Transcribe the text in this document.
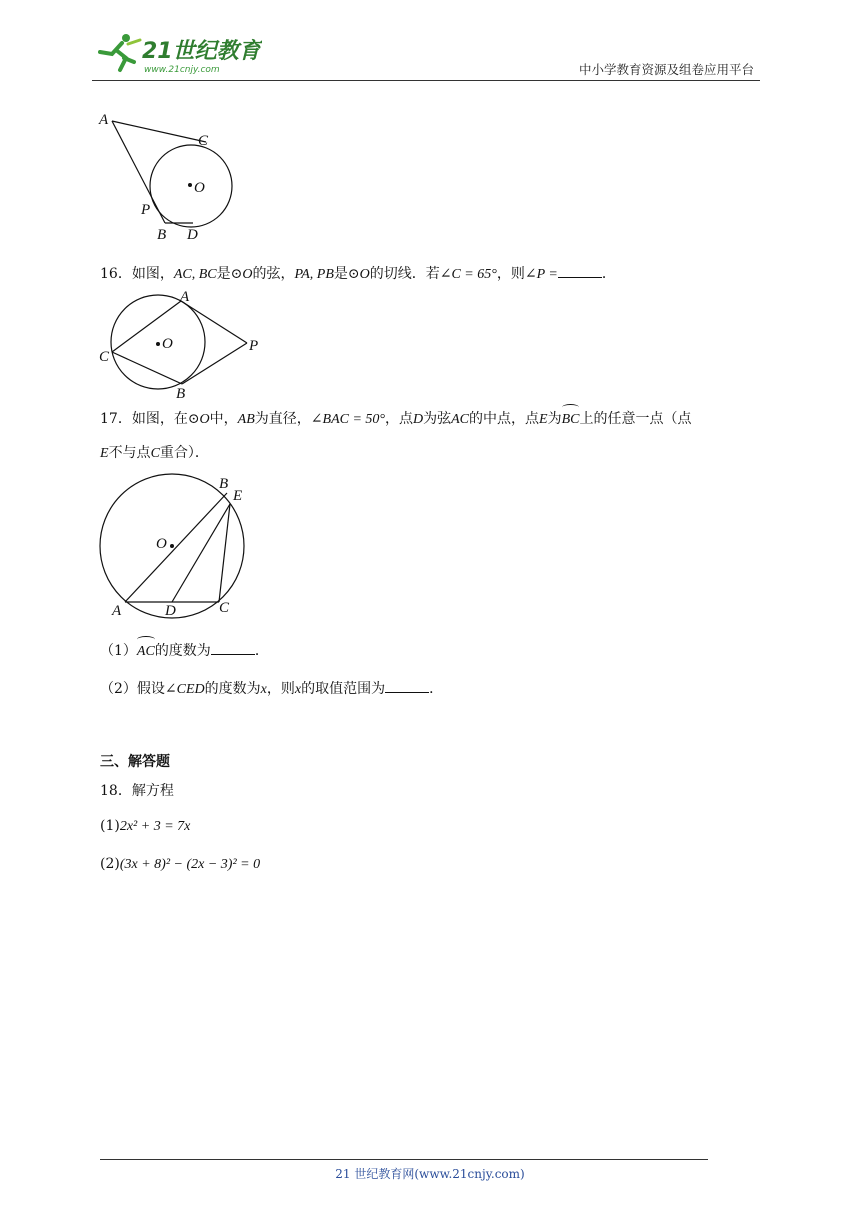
21世纪教育
www.21cnjy.com	中小学教育资源及组卷应用平台
A
C
O
P
B D
16．如图，AC, BC是⊙O的弦，PA, PB是⊙O的切线．若∠C = 65°，则∠P =	．
A
O
C
P
B
17．如图，在⊙O中，AB为直径，∠BAC = 50°，点D为弦AC的中点，点E为BC上的任意一点（点
E不与点C重合）．
B
E
O
A	D	C
（1）AC的度数为	．
（2）假设∠CED的度数为x，则x的取值范围为	．
三、解答题
18．解方程
(1)2x² + 3 = 7x
(2)(3x + 8)² − (2x − 3)² = 0
21 世纪教育网(www.21cnjy.com)
